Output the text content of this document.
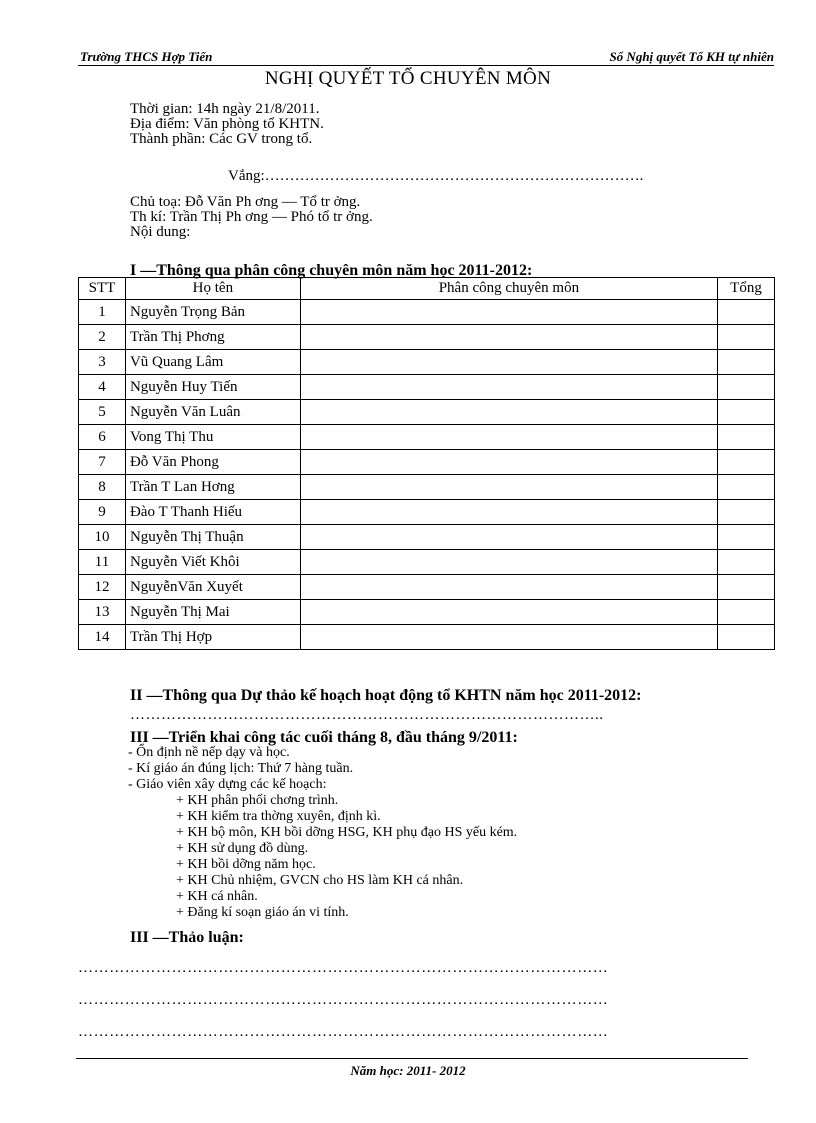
Trường THCS Hợp Tiến	Sổ Nghị quyết Tổ KH tự nhiên
NGHỊ QUYẾT TỔ CHUYÊN MÔN
Thời gian: 14h ngày 21/8/2011.
Địa điểm: Văn phòng tổ KHTN.
Thành phần: Các GV trong tổ.
Vắng:………………………………………………………………….
Chủ toạ: Đỗ Văn Ph ơng — Tổ tr ởng.
Th kí: Trần Thị Ph ơng — Phó tổ tr ởng.
Nội dung:
I —Thông qua phân công chuyên môn năm học 2011-2012:
STT	Họ tên	Phân công chuyên môn	Tổng
1	Nguyễn Trọng Bản		
2	Trần Thị Phơng		
3	Vũ Quang Lâm		
4	Nguyễn Huy Tiến		
5	Nguyễn Văn Luân		
6	Vong Thị Thu		
7	Đỗ Văn Phong		
8	Trần T Lan Hơng		
9	Đào T Thanh Hiếu		
10	Nguyễn Thị Thuận		
11	Nguyễn Viết Khôi		
12	NguyễnVăn Xuyết		
13	Nguyễn Thị Mai		
14	Trần Thị Hợp		
II —Thông qua Dự thảo kế hoạch hoạt động tổ KHTN năm học 2011-2012:
………………………………………………………………………………..
III —Triển khai công tác cuối tháng 8, đầu tháng 9/2011:
- Ổn định nề nếp dạy và học.
- Kí giáo án đúng lịch: Thứ 7 hàng tuần.
- Giáo viên xây dựng các kế hoạch:
+ KH phân phối chơng trình.
+ KH kiểm tra thờng xuyên, định kì.
+ KH bộ môn, KH bồi dỡng HSG, KH phụ đạo HS yếu kém.
+ KH sử dụng đồ dùng.
+ KH bồi dỡng năm học.
+ KH Chủ nhiệm, GVCN cho HS làm KH cá nhân.
+ KH cá nhân.
+ Đăng kí soạn giáo án vi tính.
III —Thảo luận:
…………………………………………………………………………………………
…………………………………………………………………………………………
…………………………………………………………………………………………
Năm học: 2011- 2012
